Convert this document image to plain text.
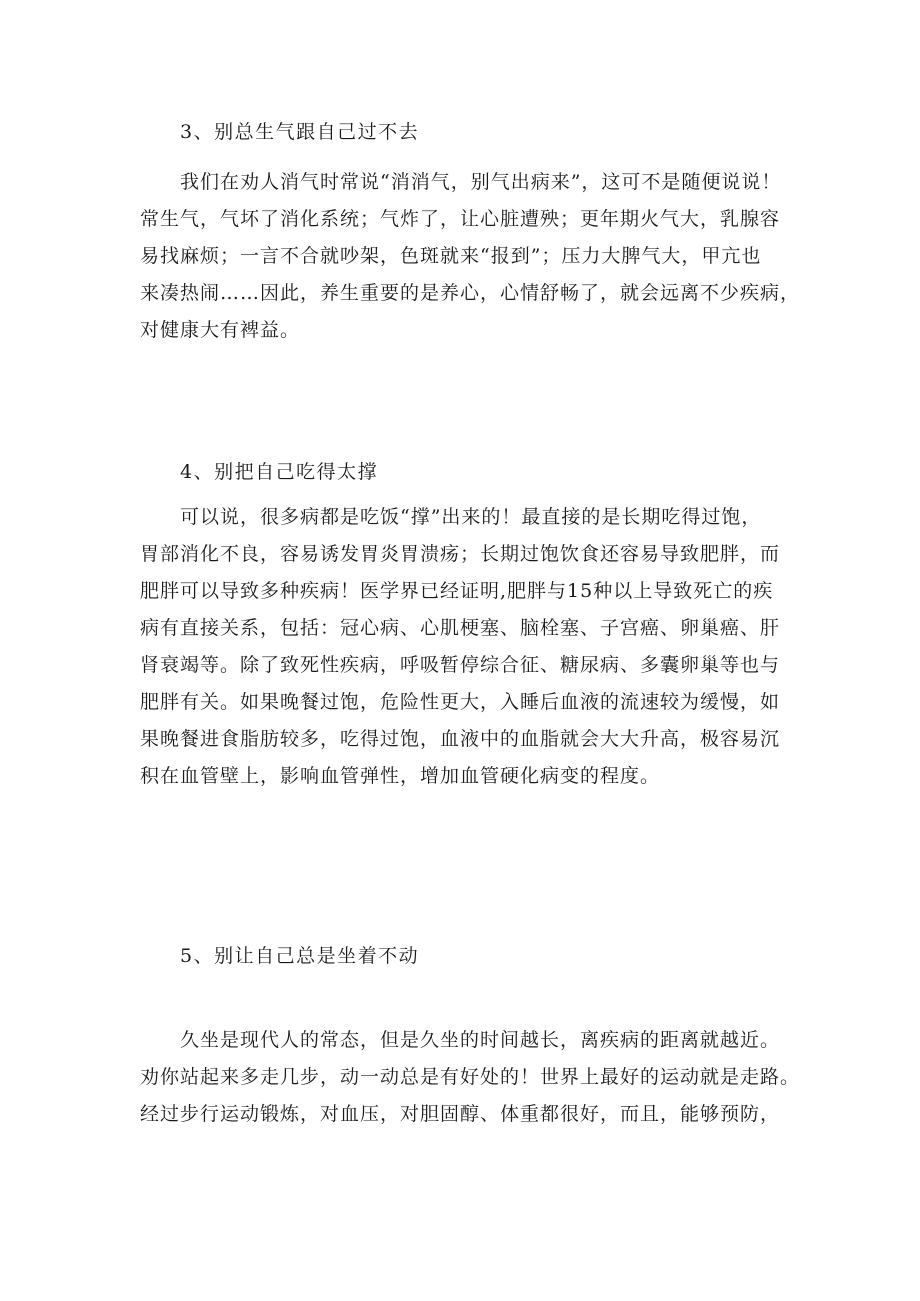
3、别总生气跟自己过不去
我们在劝人消气时常说“消消气，别气出病来”，这可不是随便说说！
常生气，气坏了消化系统；气炸了，让心脏遭殃；更年期火气大，乳腺容
易找麻烦；一言不合就吵架，色斑就来“报到”；压力大脾气大，甲亢也
来凑热闹……因此，养生重要的是养心，心情舒畅了，就会远离不少疾病，
对健康大有裨益。
4、别把自己吃得太撑
可以说，很多病都是吃饭“撑”出来的！最直接的是长期吃得过饱，
胃部消化不良，容易诱发胃炎胃溃疡；长期过饱饮食还容易导致肥胖，而
肥胖可以导致多种疾病！医学界已经证明,肥胖与15种以上导致死亡的疾
病有直接关系，包括：冠心病、心肌梗塞、脑栓塞、子宫癌、卵巢癌、肝
肾衰竭等。除了致死性疾病，呼吸暂停综合征、糖尿病、多囊卵巢等也与
肥胖有关。如果晚餐过饱，危险性更大，入睡后血液的流速较为缓慢，如
果晚餐进食脂肪较多，吃得过饱，血液中的血脂就会大大升高，极容易沉
积在血管壁上，影响血管弹性，增加血管硬化病变的程度。
5、别让自己总是坐着不动
久坐是现代人的常态，但是久坐的时间越长，离疾病的距离就越近。
劝你站起来多走几步，动一动总是有好处的！世界上最好的运动就是走路。
经过步行运动锻炼，对血压，对胆固醇、体重都很好，而且，能够预防，
